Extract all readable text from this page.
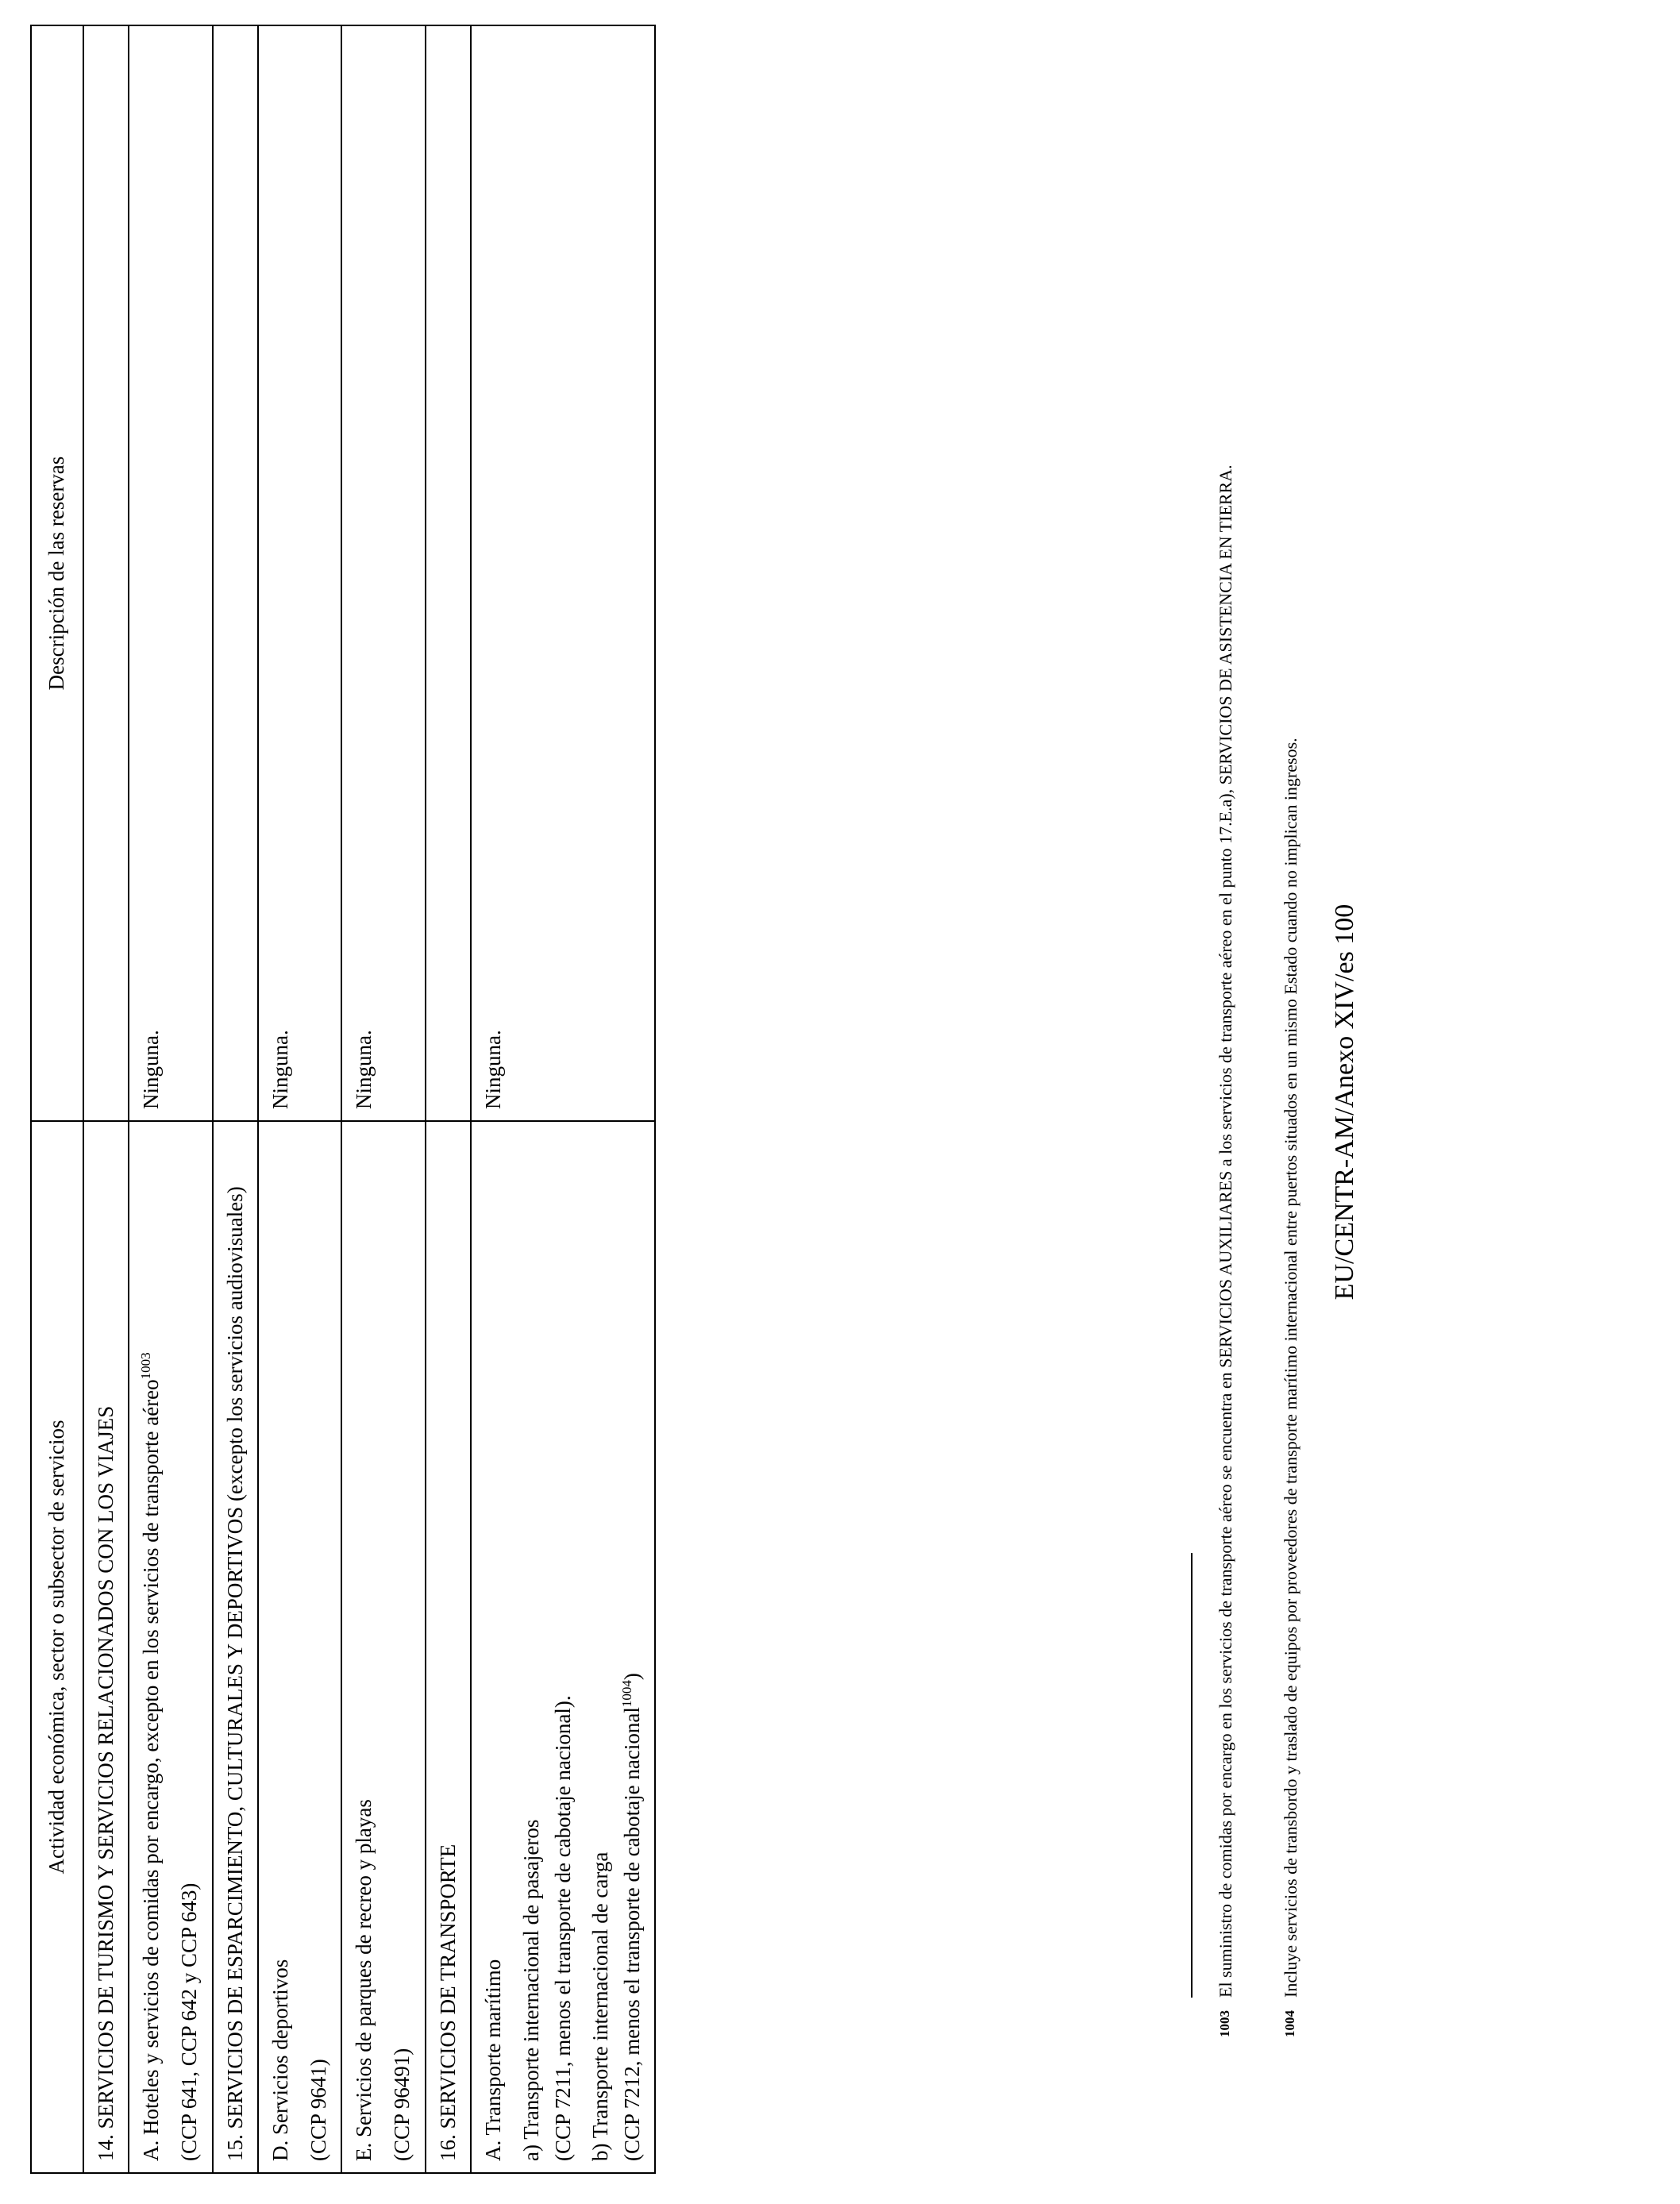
Actividad económica, sector o subsector de servicios	Descripción de las reservas
14. SERVICIOS DE TURISMO Y SERVICIOS RELACIONADOS CON LOS VIAJES	

A. Hoteles y servicios de comidas por encargo, excepto en los servicios de transporte aéreo$^{1003}$

(CCP 641, CCP 642 y CCP 643)	Ninguna.
15. SERVICIOS DE ESPARCIMIENTO, CULTURALES Y DEPORTIVOS (excepto los servicios audiovisuales)	

D. Servicios deportivos (CCP 9641)	Ninguna.

E. Servicios de parques de recreo y playas (CCP 96491)	Ninguna.
16. SERVICIOS DE TRANSPORTE	

A. Transporte marítimo a) Transporte internacional de pasajeros (CCP 7211, menos el transporte de cabotaje nacional). b) Transporte internacional de carga (CCP 7212, menos el transporte de cabotaje nacional$^{1004}$)	Ninguna.
1003
El suministro de comidas por encargo en los servicios de transporte aéreo se encuentra en SERVICIOS AUXILIARES a los servicios de transporte aéreo en el punto 17.E.a), SERVICIOS DE ASISTENCIA EN TIERRA.
1004
Incluye servicios de transbordo y traslado de equipos por proveedores de transporte marítimo internacional entre puertos situados en un mismo Estado cuando no implican ingresos. EU/CENTR-AM/Anexo XIV/es 100
